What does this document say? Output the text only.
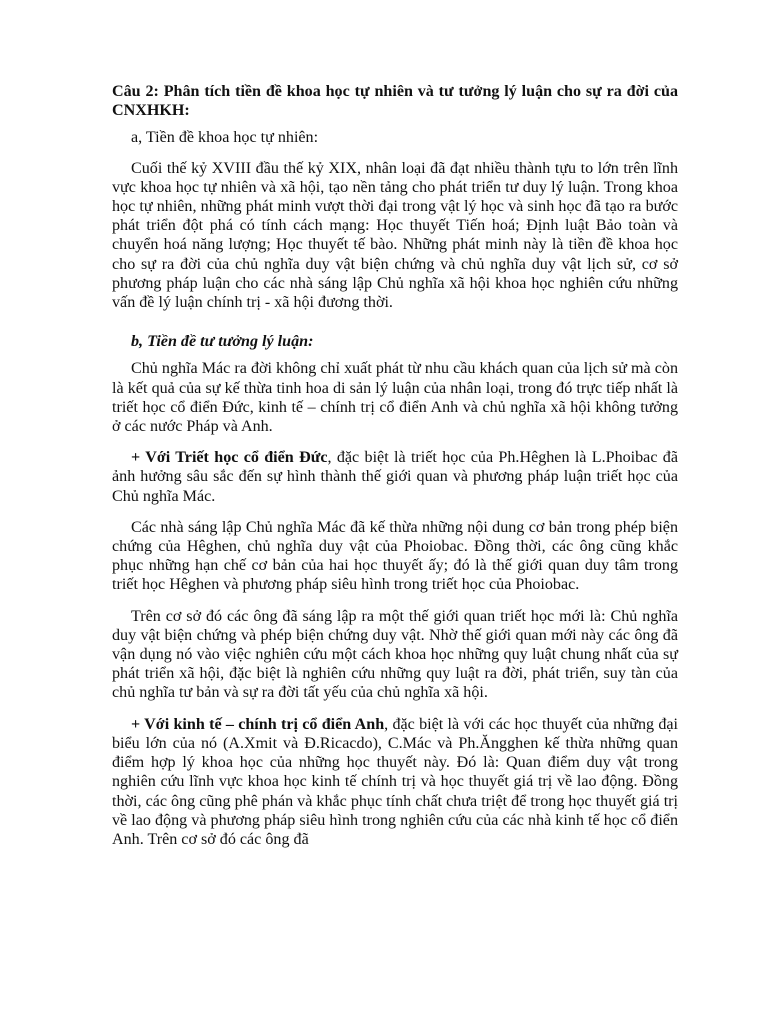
Câu 2: Phân tích tiền đề khoa học tự nhiên và tư tưởng lý luận cho sự ra đời của CNXHKH:
a, Tiền đề khoa học tự nhiên:

Cuối thế kỷ XVIII đầu thế kỷ XIX, nhân loại đã đạt nhiều thành tựu to lớn trên lĩnh vực khoa học tự nhiên và xã hội, tạo nền tảng cho phát triển tư duy lý luận. Trong khoa học tự nhiên, những phát minh vượt thời đại trong vật lý học và sinh học đã tạo ra bước phát triển đột phá có tính cách mạng: Học thuyết Tiến hoá; Định luật Bảo toàn và chuyển hoá năng lượng; Học thuyết tế bào. Những phát minh này là tiền đề khoa học cho sự ra đời của chủ nghĩa duy vật biện chứng và chủ nghĩa duy vật lịch sử, cơ sở phương pháp luận cho các nhà sáng lập Chủ nghĩa xã hội khoa học nghiên cứu những vấn đề lý luận chính trị - xã hội đương thời.

b, Tiền đề tư tưởng lý luận:

Chủ nghĩa Mác ra đời không chỉ xuất phát từ nhu cầu khách quan của lịch sử mà còn là kết quả của sự kế thừa tinh hoa di sản lý luận của nhân loại, trong đó trực tiếp nhất là triết học cổ điển Đức, kinh tế – chính trị cổ điển Anh và chủ nghĩa xã hội không tưởng ở các nước Pháp và Anh.

+ Với Triết học cổ điển Đức, đặc biệt là triết học của Ph.Hêghen là L.Phoibac đã ảnh hưởng sâu sắc đến sự hình thành thế giới quan và phương pháp luận triết học của Chủ nghĩa Mác.

Các nhà sáng lập Chủ nghĩa Mác đã kế thừa những nội dung cơ bản trong phép biện chứng của Hêghen, chủ nghĩa duy vật của Phoiobac. Đồng thời, các ông cũng khắc phục những hạn chế cơ bản của hai học thuyết ấy; đó là thế giới quan duy tâm trong triết học Hêghen và phương pháp siêu hình trong triết học của Phoiobac.

Trên cơ sở đó các ông đã sáng lập ra một thế giới quan triết học mới là: Chủ nghĩa duy vật biện chứng và phép biện chứng duy vật. Nhờ thế giới quan mới này các ông đã vận dụng nó vào việc nghiên cứu một cách khoa học những quy luật chung nhất của sự phát triển xã hội, đặc biệt là nghiên cứu những quy luật ra đời, phát triển, suy tàn của chủ nghĩa tư bản và sự ra đời tất yếu của chủ nghĩa xã hội.

+ Với kinh tế – chính trị cổ điển Anh, đặc biệt là với các học thuyết của những đại biểu lớn của nó (A.Xmit và Đ.Ricacdo), C.Mác và Ph.Ăngghen kế thừa những quan điểm hợp lý khoa học của những học thuyết này. Đó là: Quan điểm duy vật trong nghiên cứu lĩnh vực khoa học kinh tế chính trị và học thuyết giá trị về lao động. Đồng thời, các ông cũng phê phán và khắc phục tính chất chưa triệt để trong học thuyết giá trị về lao động và phương pháp siêu hình trong nghiên cứu của các nhà kinh tế học cổ điển Anh. Trên cơ sở đó các ông đã
